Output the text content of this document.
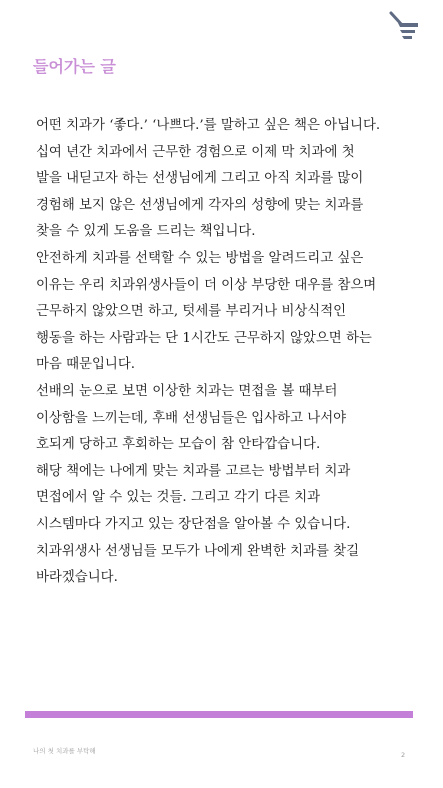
들어가는 글
어떤 치과가 ‘좋다.’ ‘나쁘다.’를 말하고 싶은 책은 아닙니다.
십여 년간 치과에서 근무한 경험으로 이제 막 치과에 첫
발을 내딛고자 하는 선생님에게 그리고 아직 치과를 많이
경험해 보지 않은 선생님에게 각자의 성향에 맞는 치과를
찾을 수 있게 도움을 드리는 책입니다.
안전하게 치과를 선택할 수 있는 방법을 알려드리고 싶은
이유는 우리 치과위생사들이 더 이상 부당한 대우를 참으며
근무하지 않았으면 하고, 텃세를 부리거나 비상식적인
행동을 하는 사람과는 단 1시간도 근무하지 않았으면 하는
마음 때문입니다.
선배의 눈으로 보면 이상한 치과는 면접을 볼 때부터
이상함을 느끼는데, 후배 선생님들은 입사하고 나서야
호되게 당하고 후회하는 모습이 참 안타깝습니다.
해당 책에는 나에게 맞는 치과를 고르는 방법부터 치과
면접에서 알 수 있는 것들. 그리고 각기 다른 치과
시스템마다 가지고 있는 장단점을 알아볼 수 있습니다.
치과위생사 선생님들 모두가 나에게 완벽한 치과를 찾길
바라겠습니다.
나의 첫 치과를 부탁해	2
